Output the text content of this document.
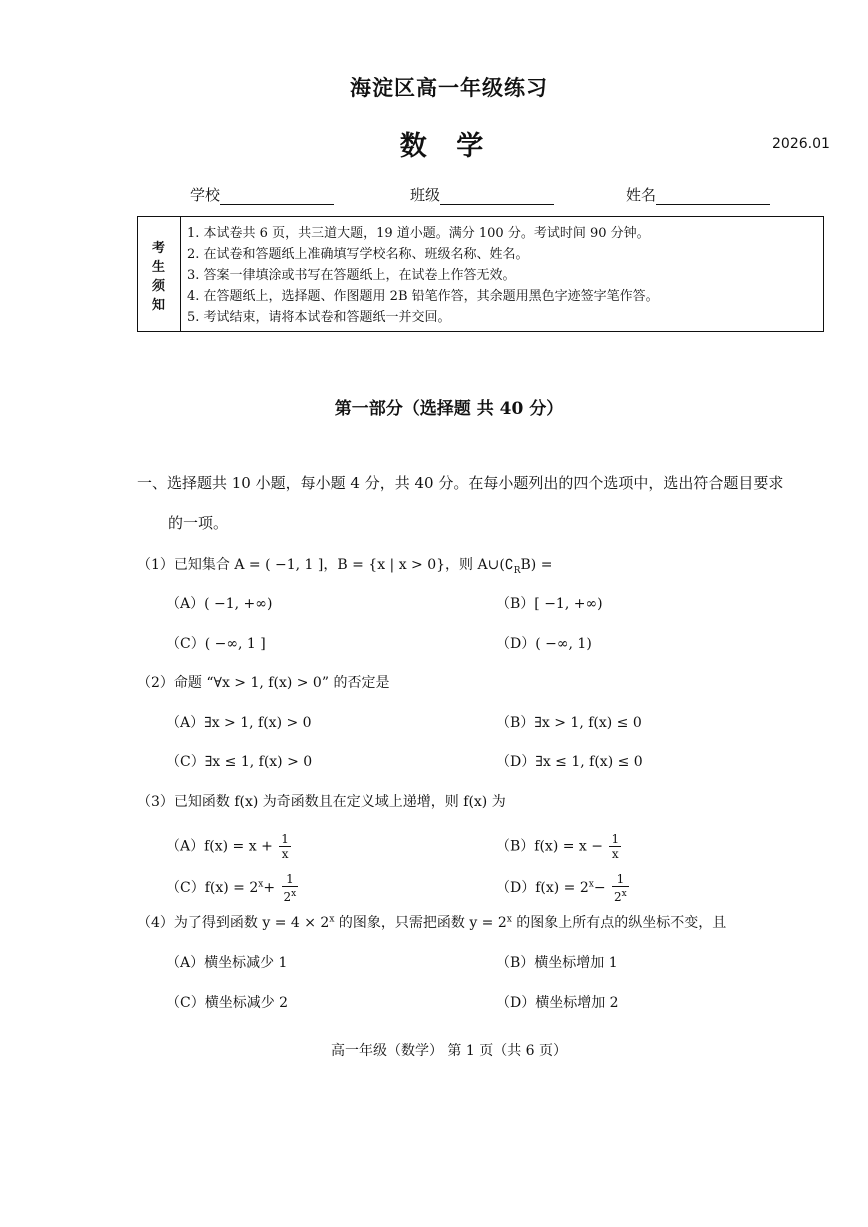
海淀区高一年级练习
数 学	2026.01
学校	班级	姓名
考生须知
1. 本试卷共 6 页，共三道大题，19 道小题。满分 100 分。考试时间 90 分钟。
2. 在试卷和答题纸上准确填写学校名称、班级名称、姓名。
3. 答案一律填涂或书写在答题纸上，在试卷上作答无效。
4. 在答题纸上，选择题、作图题用 2B 铅笔作答，其余题用黑色字迹签字笔作答。
5. 考试结束，请将本试卷和答题纸一并交回。
第一部分（选择题 共 40 分）
一、选择题共 10 小题，每小题 4 分，共 40 分。在每小题列出的四个选项中，选出符合题目要求
的一项。
（1）已知集合 A = ( −1, 1 ]，B = {x | x > 0}，则 $A\cup(∁_RB)$ =
（A）( −1, +∞)	（B）[ −1, +∞)
（C）( −∞, 1 ]	（D）( −∞, 1)
（2）命题 “∀x > 1, f(x) > 0” 的否定是
（A）∃x > 1, f(x) > 0	（B）∃x > 1, f(x) ≤ 0
（C）∃x ≤ 1, f(x) > 0	（D）∃x ≤ 1, f(x) ≤ 0
（3）已知函数 f(x) 为奇函数且在定义域上递增，则 f(x) 为
$(A)f(x) = x + \frac{1}{x}$	$(B)f(x) = x - \frac{1}{x}$
$(C)f(x) = 2^x+ \frac{1}{2^x}$	$(D)f(x) = 2^x- \frac{1}{2^x}$
（4）为了得到函数 $y = 4 \times 2^x$ 的图象，只需把函数 $y = 2^x$ 的图象上所有点的纵坐标不变，且
（A）横坐标减少 1	（B）横坐标增加 1
（C）横坐标减少 2	（D）横坐标增加 2
高一年级（数学） 第 1 页（共 6 页）
